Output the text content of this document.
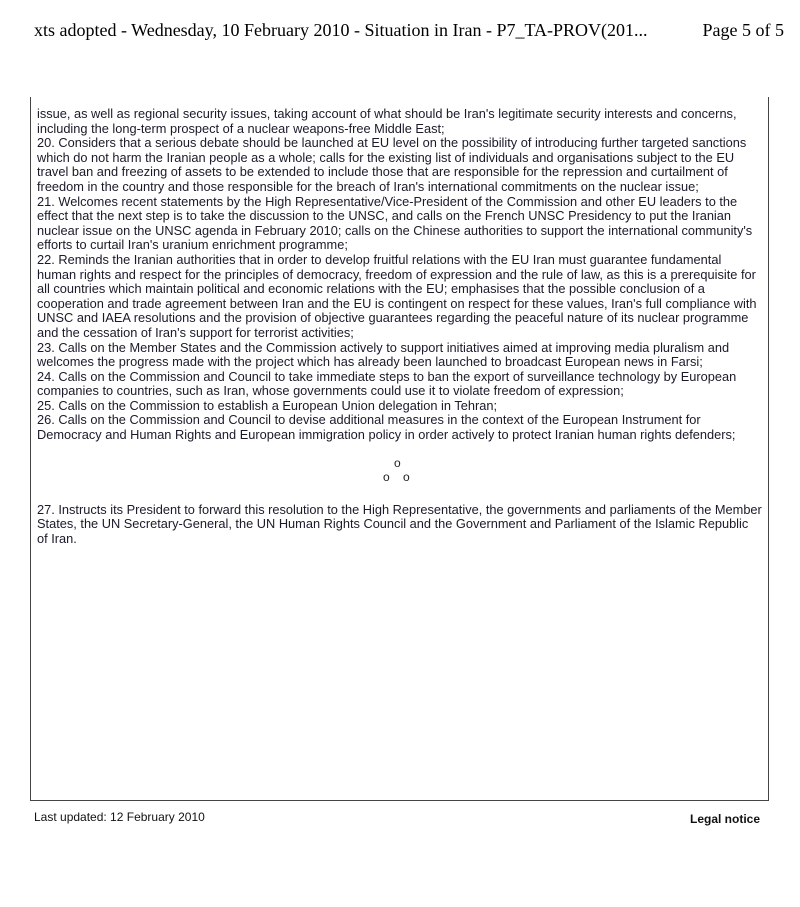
xts adopted - Wednesday, 10 February 2010 - Situation in Iran - P7_TA-PROV(201...	Page 5 of 5

issue, as well as regional security issues, taking account of what should be Iran's legitimate security interests and concerns, including the long-term prospect of a nuclear weapons-free Middle East;

20. Considers that a serious debate should be launched at EU level on the possibility of introducing further targeted sanctions which do not harm the Iranian people as a whole; calls for the existing list of individuals and organisations subject to the EU travel ban and freezing of assets to be extended to include those that are responsible for the repression and curtailment of freedom in the country and those responsible for the breach of Iran's international commitments on the nuclear issue;

21. Welcomes recent statements by the High Representative/Vice-President of the Commission and other EU leaders to the effect that the next step is to take the discussion to the UNSC, and calls on the French UNSC Presidency to put the Iranian nuclear issue on the UNSC agenda in February 2010; calls on the Chinese authorities to support the international community's efforts to curtail Iran's uranium enrichment programme;

22. Reminds the Iranian authorities that in order to develop fruitful relations with the EU Iran must guarantee fundamental human rights and respect for the principles of democracy, freedom of expression and the rule of law, as this is a prerequisite for all countries which maintain political and economic relations with the EU; emphasises that the possible conclusion of a cooperation and trade agreement between Iran and the EU is contingent on respect for these values, Iran's full compliance with UNSC and IAEA resolutions and the provision of objective guarantees regarding the peaceful nature of its nuclear programme and the cessation of Iran's support for terrorist activities;

23. Calls on the Member States and the Commission actively to support initiatives aimed at improving media pluralism and welcomes the progress made with the project which has already been launched to broadcast European news in Farsi;

24. Calls on the Commission and Council to take immediate steps to ban the export of surveillance technology by European companies to countries, such as Iran, whose governments could use it to violate freedom of expression;

25. Calls on the Commission to establish a European Union delegation in Tehran;

26. Calls on the Commission and Council to devise additional measures in the context of the European Instrument for Democracy and Human Rights and European immigration policy in order actively to protect Iranian human rights defenders;

o
o o

27. Instructs its President to forward this resolution to the High Representative, the governments and parliaments of the Member States, the UN Secretary-General, the UN Human Rights Council and the Government and Parliament of the Islamic Republic of Iran.

Last updated: 12 February 2010	Legal notice
